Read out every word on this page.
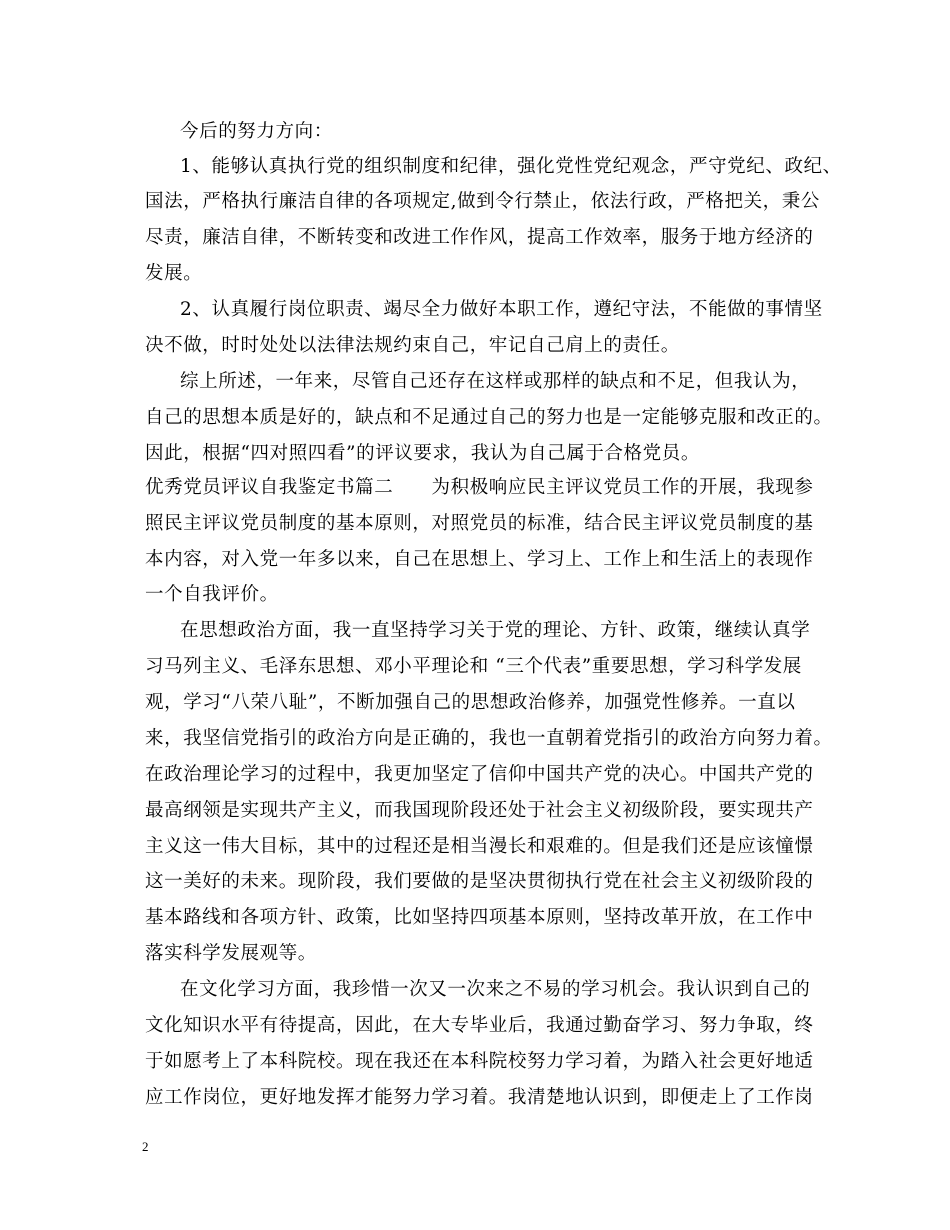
今后的努力方向：
1、能够认真执行党的组织制度和纪律，强化党性党纪观念，严守党纪、政纪、
国法，严格执行廉洁自律的各项规定,做到令行禁止，依法行政，严格把关，秉公
尽责，廉洁自律，不断转变和改进工作作风，提高工作效率，服务于地方经济的
发展。
2、认真履行岗位职责、竭尽全力做好本职工作，遵纪守法，不能做的事情坚
决不做，时时处处以法律法规约束自己，牢记自己肩上的责任。
综上所述，一年来，尽管自己还存在这样或那样的缺点和不足，但我认为，
自己的思想本质是好的，缺点和不足通过自己的努力也是一定能够克服和改正的。
因此，根据“四对照四看”的评议要求，我认为自己属于合格党员。
优秀党员评议自我鉴定书篇二　　为积极响应民主评议党员工作的开展，我现参
照民主评议党员制度的基本原则，对照党员的标准，结合民主评议党员制度的基
本内容，对入党一年多以来，自己在思想上、学习上、工作上和生活上的表现作
一个自我评价。
在思想政治方面，我一直坚持学习关于党的理论、方针、政策，继续认真学
习马列主义、毛泽东思想、邓小平理论和 “三个代表”重要思想，学习科学发展
观，学习“八荣八耻”，不断加强自己的思想政治修养，加强党性修养。一直以
来，我坚信党指引的政治方向是正确的，我也一直朝着党指引的政治方向努力着。
在政治理论学习的过程中，我更加坚定了信仰中国共产党的决心。中国共产党的
最高纲领是实现共产主义，而我国现阶段还处于社会主义初级阶段，要实现共产
主义这一伟大目标，其中的过程还是相当漫长和艰难的。但是我们还是应该憧憬
这一美好的未来。现阶段，我们要做的是坚决贯彻执行党在社会主义初级阶段的
基本路线和各项方针、政策，比如坚持四项基本原则，坚持改革开放，在工作中
落实科学发展观等。
在文化学习方面，我珍惜一次又一次来之不易的学习机会。我认识到自己的
文化知识水平有待提高，因此，在大专毕业后，我通过勤奋学习、努力争取，终
于如愿考上了本科院校。现在我还在本科院校努力学习着，为踏入社会更好地适
应工作岗位，更好地发挥才能努力学习着。我清楚地认识到，即便走上了工作岗
2
